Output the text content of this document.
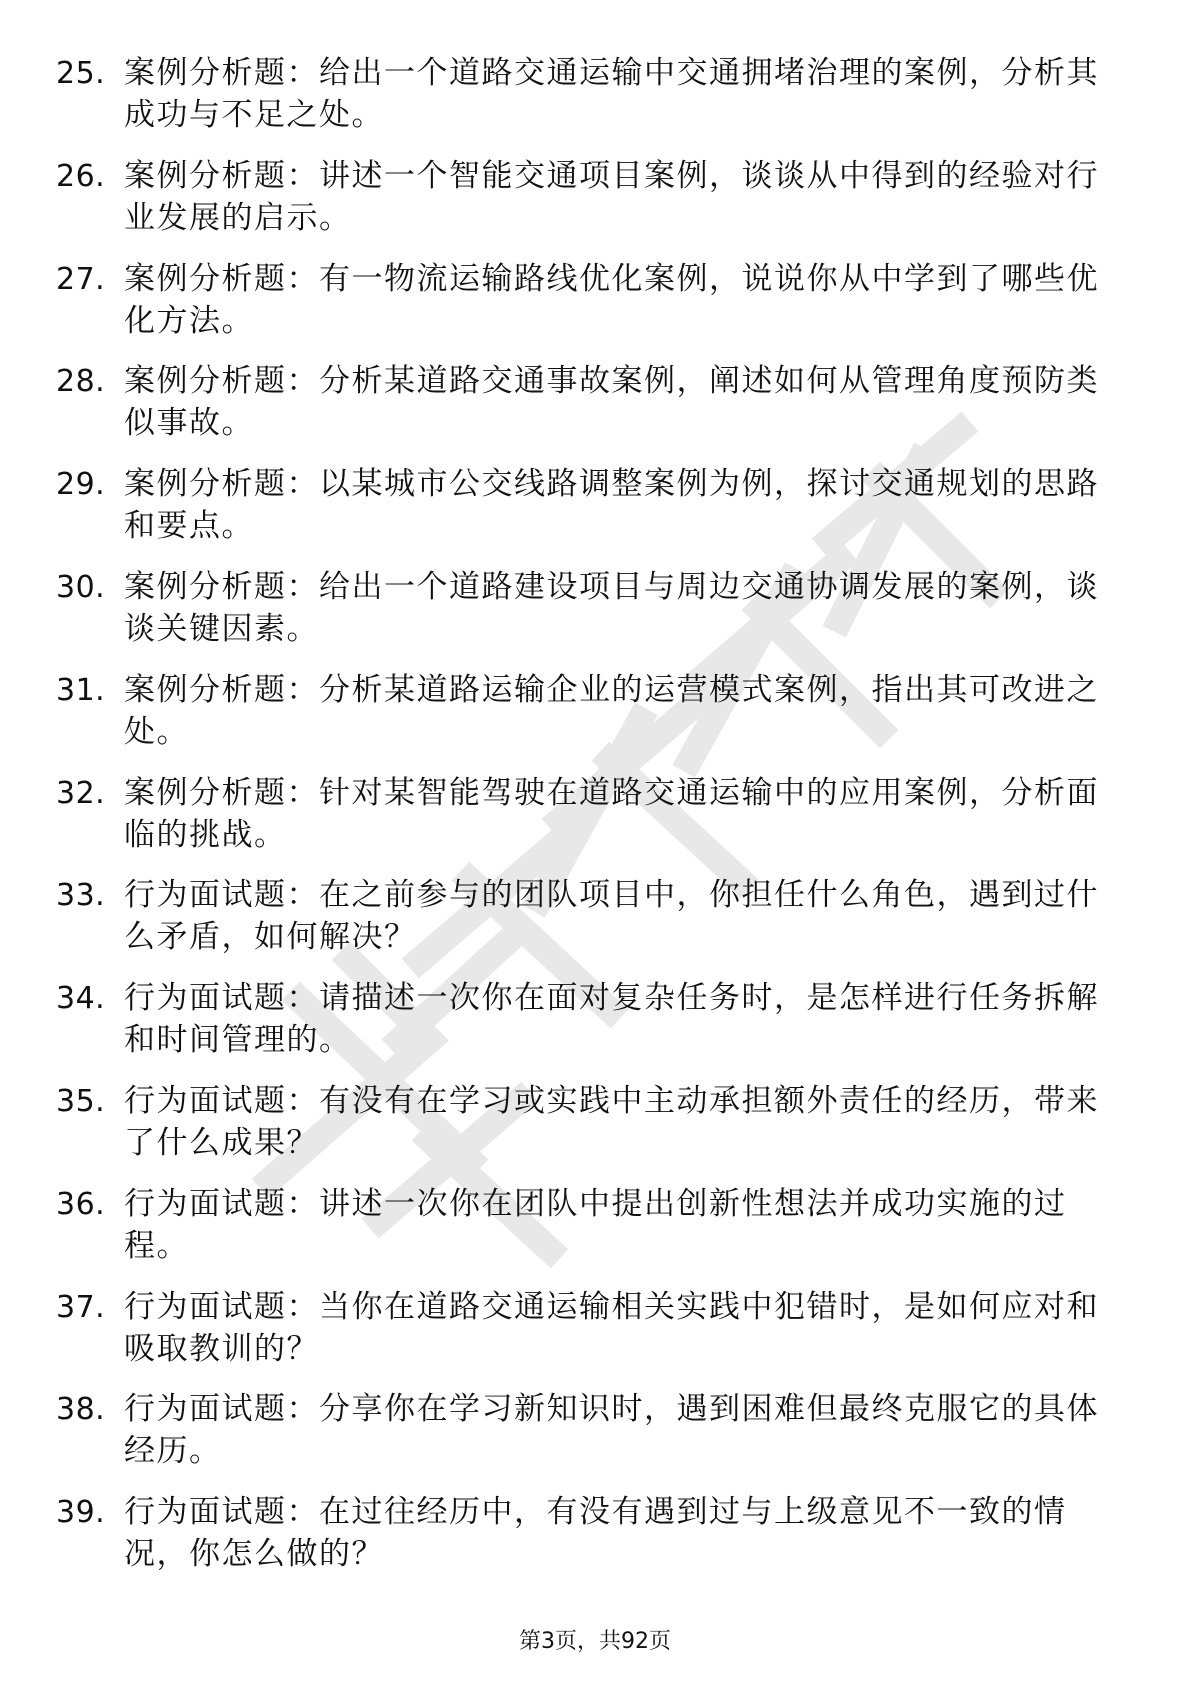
25. 案例分析题：给出一个道路交通运输中交通拥堵治理的案例，分析其成功与不足之处。
26. 案例分析题：讲述一个智能交通项目案例，谈谈从中得到的经验对行业发展的启示。
27. 案例分析题：有一物流运输路线优化案例，说说你从中学到了哪些优化方法。
28. 案例分析题：分析某道路交通事故案例，阐述如何从管理角度预防类似事故。
29. 案例分析题：以某城市公交线路调整案例为例，探讨交通规划的思路和要点。
30. 案例分析题：给出一个道路建设项目与周边交通协调发展的案例，谈谈关键因素。
31. 案例分析题：分析某道路运输企业的运营模式案例，指出其可改进之处。
32. 案例分析题：针对某智能驾驶在道路交通运输中的应用案例，分析面临的挑战。
33. 行为面试题：在之前参与的团队项目中，你担任什么角色，遇到过什么矛盾，如何解决？
34. 行为面试题：请描述一次你在面对复杂任务时，是怎样进行任务拆解和时间管理的。
35. 行为面试题：有没有在学习或实践中主动承担额外责任的经历，带来了什么成果？
36. 行为面试题：讲述一次你在团队中提出创新性想法并成功实施的过程。
37. 行为面试题：当你在道路交通运输相关实践中犯错时，是如何应对和吸取教训的？
38. 行为面试题：分享你在学习新知识时，遇到困难但最终克服它的具体经历。
39. 行为面试题：在过往经历中，有没有遇到过与上级意见不一致的情况，你怎么做的？
第3页，共92页
